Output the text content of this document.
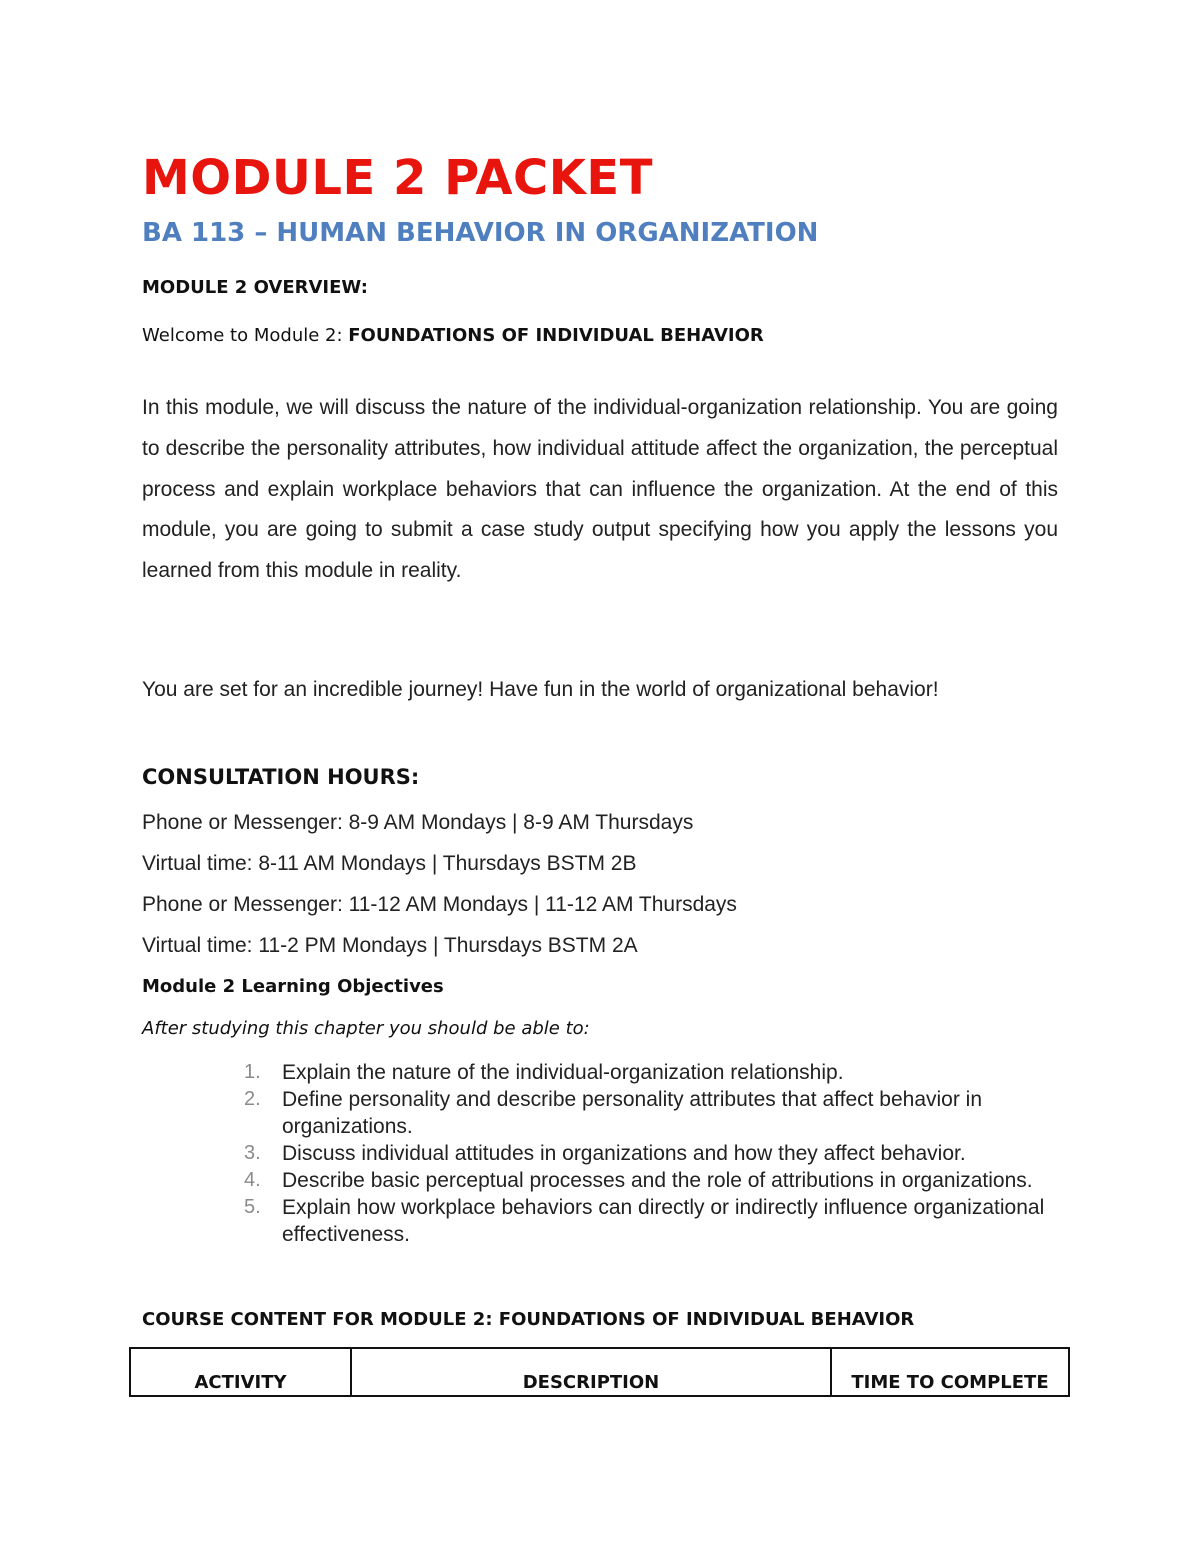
MODULE 2 PACKET
BA 113 – HUMAN BEHAVIOR IN ORGANIZATION

MODULE 2 OVERVIEW:

Welcome to Module 2: FOUNDATIONS OF INDIVIDUAL BEHAVIOR

In this module, we will discuss the nature of the individual-organization relationship. You are going to describe the personality attributes, how individual attitude affect the organization, the perceptual process and explain workplace behaviors that can influence the organization. At the end of this module, you are going to submit a case study output specifying how you apply the lessons you learned from this module in reality.

You are set for an incredible journey! Have fun in the world of organizational behavior!

CONSULTATION HOURS:

Phone or Messenger: 8-9 AM Mondays | 8-9 AM Thursdays
Virtual time: 8-11 AM Mondays | Thursdays BSTM 2B
Phone or Messenger: 11-12 AM Mondays | 11-12 AM Thursdays
Virtual time: 11-2 PM Mondays | Thursdays BSTM 2A

Module 2 Learning Objectives

After studying this chapter you should be able to:

1. Explain the nature of the individual-organization relationship.
2. Define personality and describe personality attributes that affect behavior in organizations.
3. Discuss individual attitudes in organizations and how they affect behavior.
4. Describe basic perceptual processes and the role of attributions in organizations.
5. Explain how workplace behaviors can directly or indirectly influence organizational effectiveness.

COURSE CONTENT FOR MODULE 2: FOUNDATIONS OF INDIVIDUAL BEHAVIOR

ACTIVITY	DESCRIPTION	TIME TO COMPLETE
